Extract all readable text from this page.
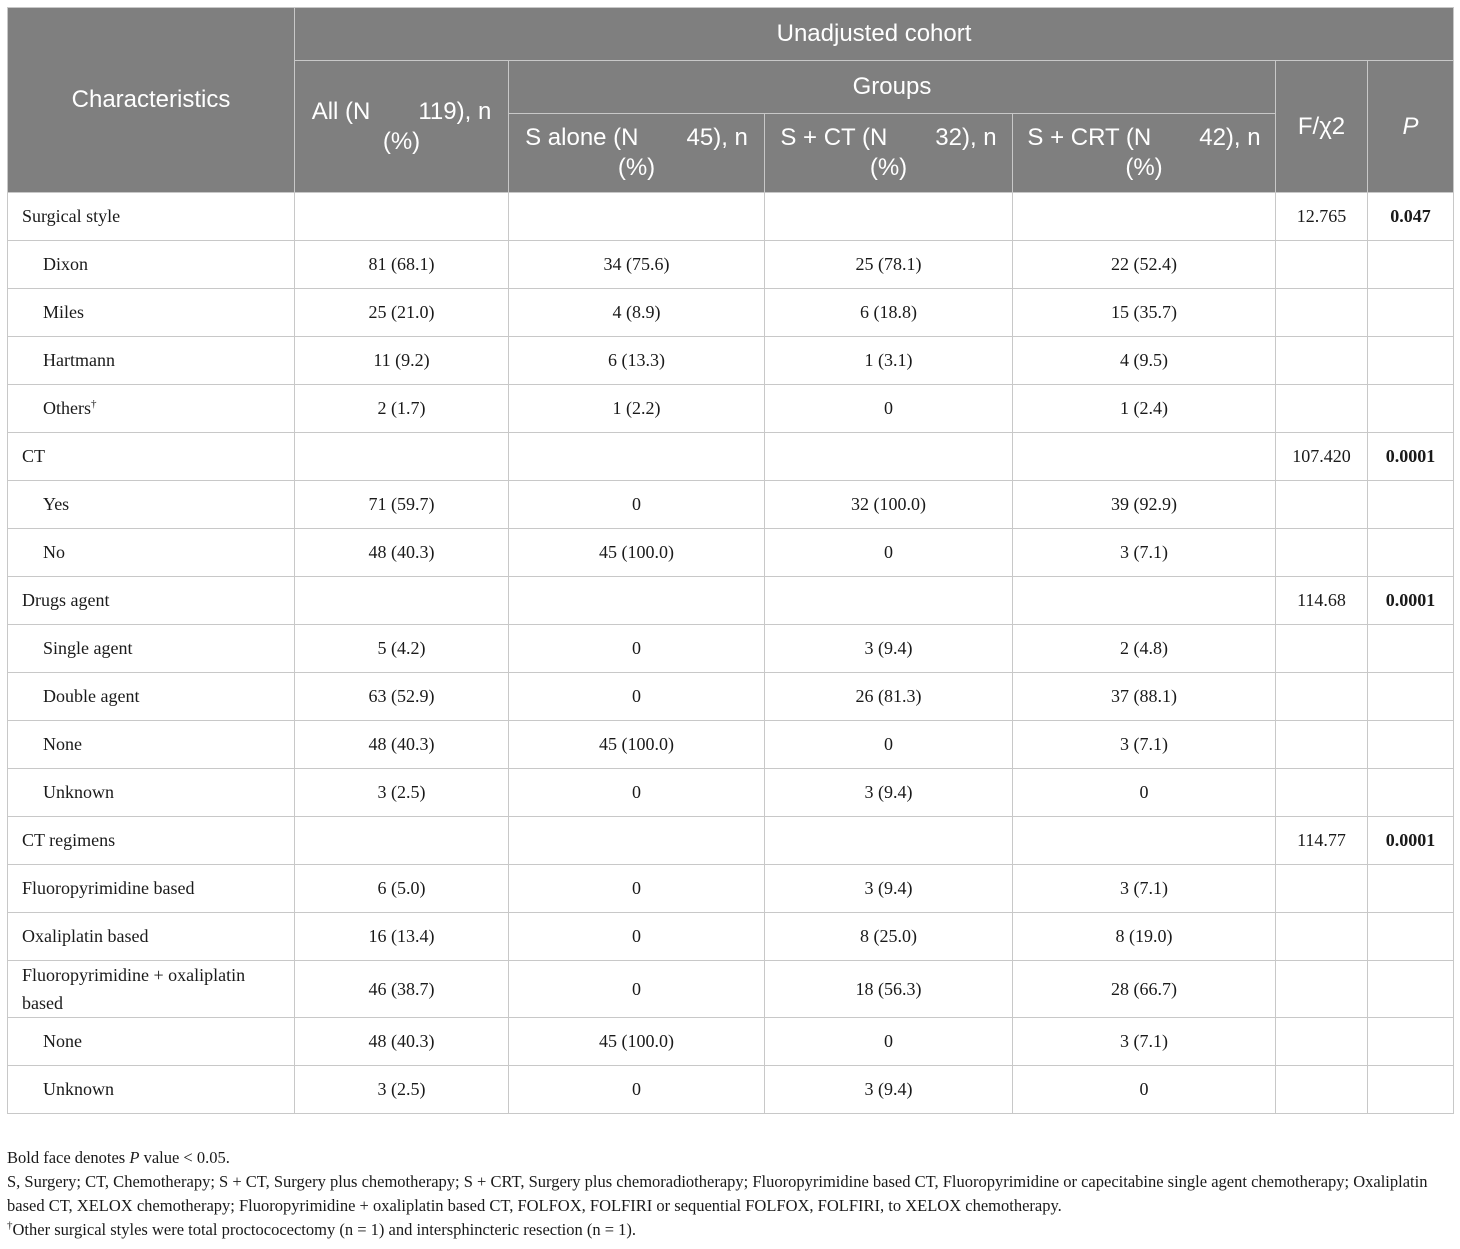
Characteristics	Unadjusted cohort					
	All (N  119), n (%)	Groups			F/χ2	P
		S alone (N  45), n (%)	S + CT (N  32), n (%)	S + CRT (N  42), n (%)		
Surgical style					12.765	0.047
Dixon	81 (68.1)	34 (75.6)	25 (78.1)	22 (52.4)		
Miles	25 (21.0)	4 (8.9)	6 (18.8)	15 (35.7)		
Hartmann	11 (9.2)	6 (13.3)	1 (3.1)	4 (9.5)		
Others†	2 (1.7)	1 (2.2)	0	1 (2.4)		
CT					107.420	0.0001
Yes	71 (59.7)	0	32 (100.0)	39 (92.9)		
No	48 (40.3)	45 (100.0)	0	3 (7.1)		
Drugs agent					114.68	0.0001
Single agent	5 (4.2)	0	3 (9.4)	2 (4.8)		
Double agent	63 (52.9)	0	26 (81.3)	37 (88.1)		
None	48 (40.3)	45 (100.0)	0	3 (7.1)		
Unknown	3 (2.5)	0	3 (9.4)	0		
CT regimens					114.77	0.0001
Fluoropyrimidine based	6 (5.0)	0	3 (9.4)	3 (7.1)		
Oxaliplatin based	16 (13.4)	0	8 (25.0)	8 (19.0)		
Fluoropyrimidine + oxaliplatin based	46 (38.7)	0	18 (56.3)	28 (66.7)		
None	48 (40.3)	45 (100.0)	0	3 (7.1)		
Unknown	3 (2.5)	0	3 (9.4)	0		

Bold face denotes P value < 0.05.

S, Surgery; CT, Chemotherapy; S + CT, Surgery plus chemotherapy; S + CRT, Surgery plus chemoradiotherapy; Fluoropyrimidine based CT, Fluoropyrimidine or capecitabine single agent chemotherapy; Oxaliplatin based CT, XELOX chemotherapy; Fluoropyrimidine + oxaliplatin based CT, FOLFOX, FOLFIRI or sequential FOLFOX, FOLFIRI, to XELOX chemotherapy.

†Other surgical styles were total proctococectomy (n = 1) and intersphincteric resection (n = 1).
